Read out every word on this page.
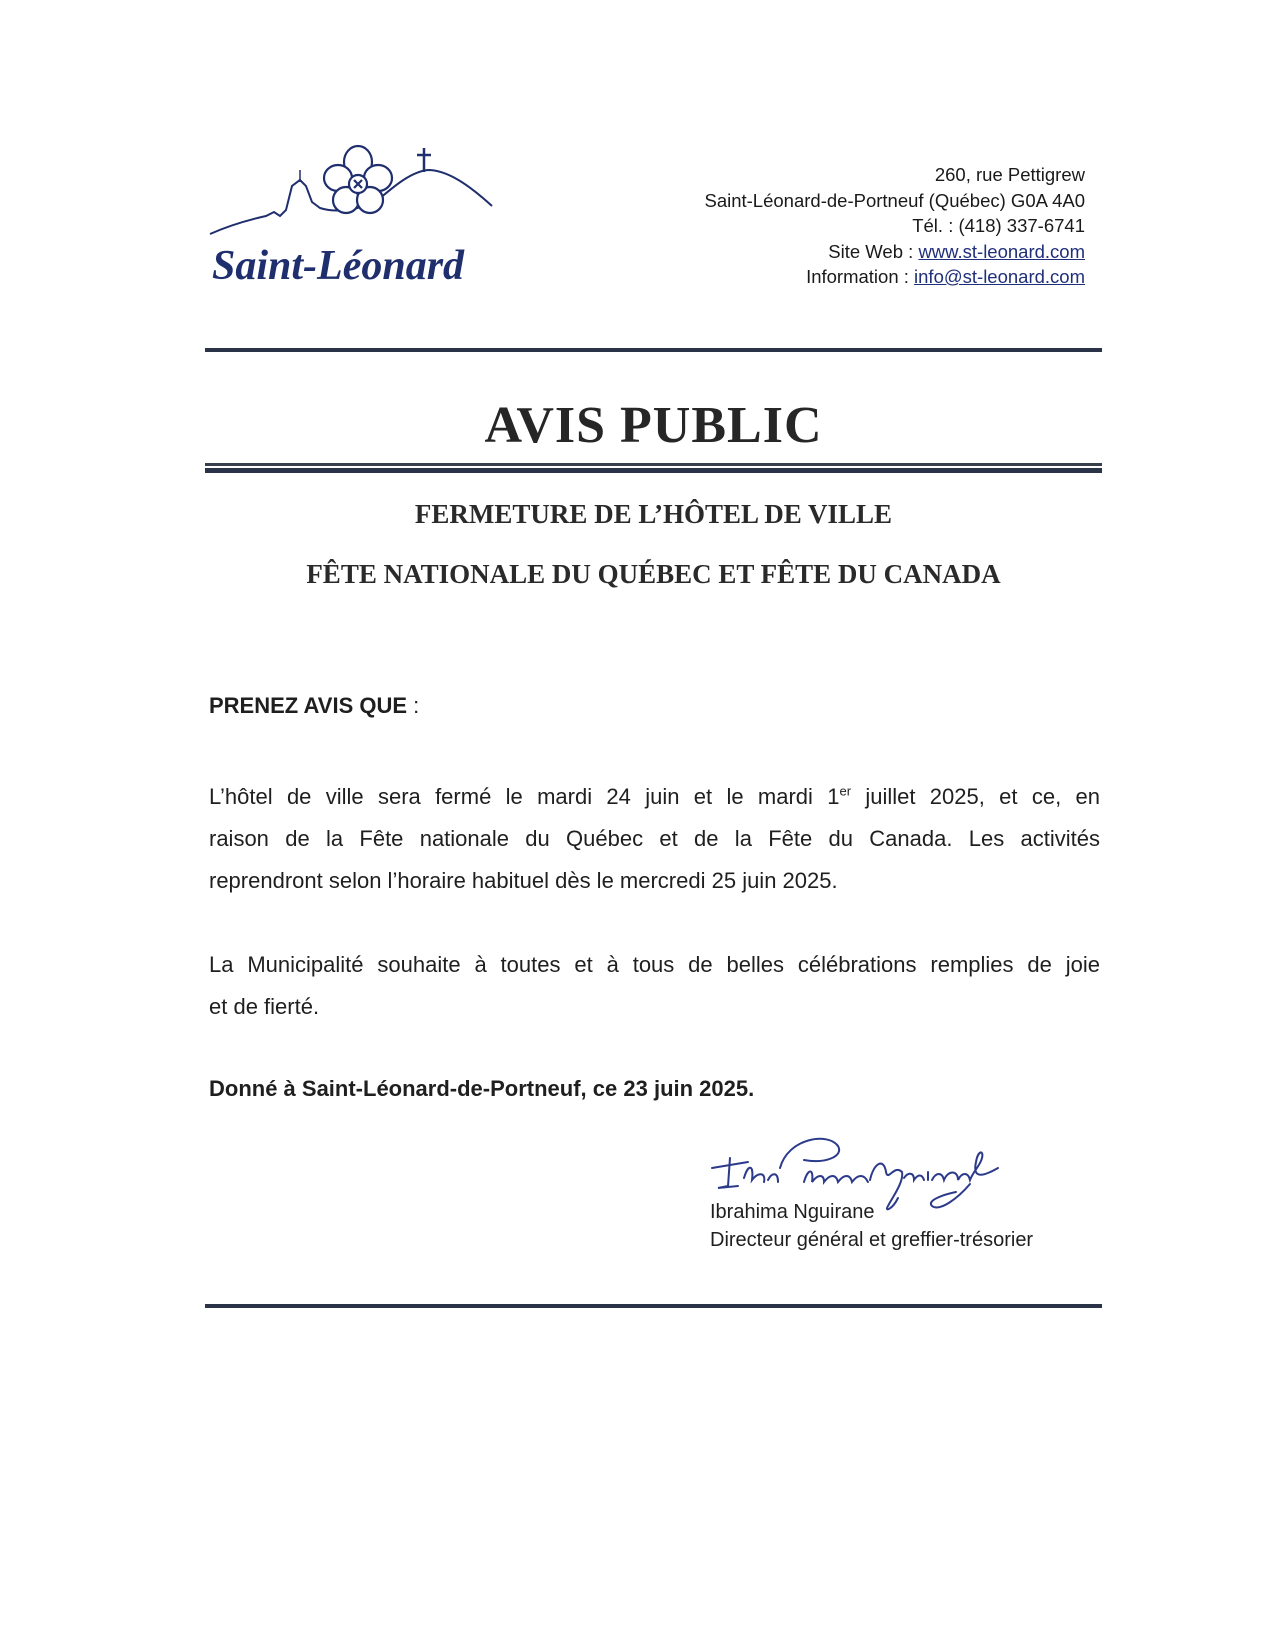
Saint-Léonard
260, rue Pettigrew
Saint-Léonard-de-Portneuf (Québec) G0A 4A0
Tél. : (418) 337-6741
Site Web : www.st-leonard.com
Information : info@st-leonard.com
AVIS PUBLIC
FERMETURE DE L’HÔTEL DE VILLE
FÊTE NATIONALE DU QUÉBEC ET FÊTE DU CANADA
PRENEZ AVIS QUE :
L’hôtel de ville sera fermé le mardi 24 juin et le mardi 1er juillet 2025, et ce, en
raison de la Fête nationale du Québec et de la Fête du Canada. Les activités
reprendront selon l’horaire habituel dès le mercredi 25 juin 2025.
La Municipalité souhaite à toutes et à tous de belles célébrations remplies de joie
et de fierté.
Donné à Saint-Léonard-de-Portneuf, ce 23 juin 2025.
Ibrahima Nguirane
Directeur général et greffier-trésorier
